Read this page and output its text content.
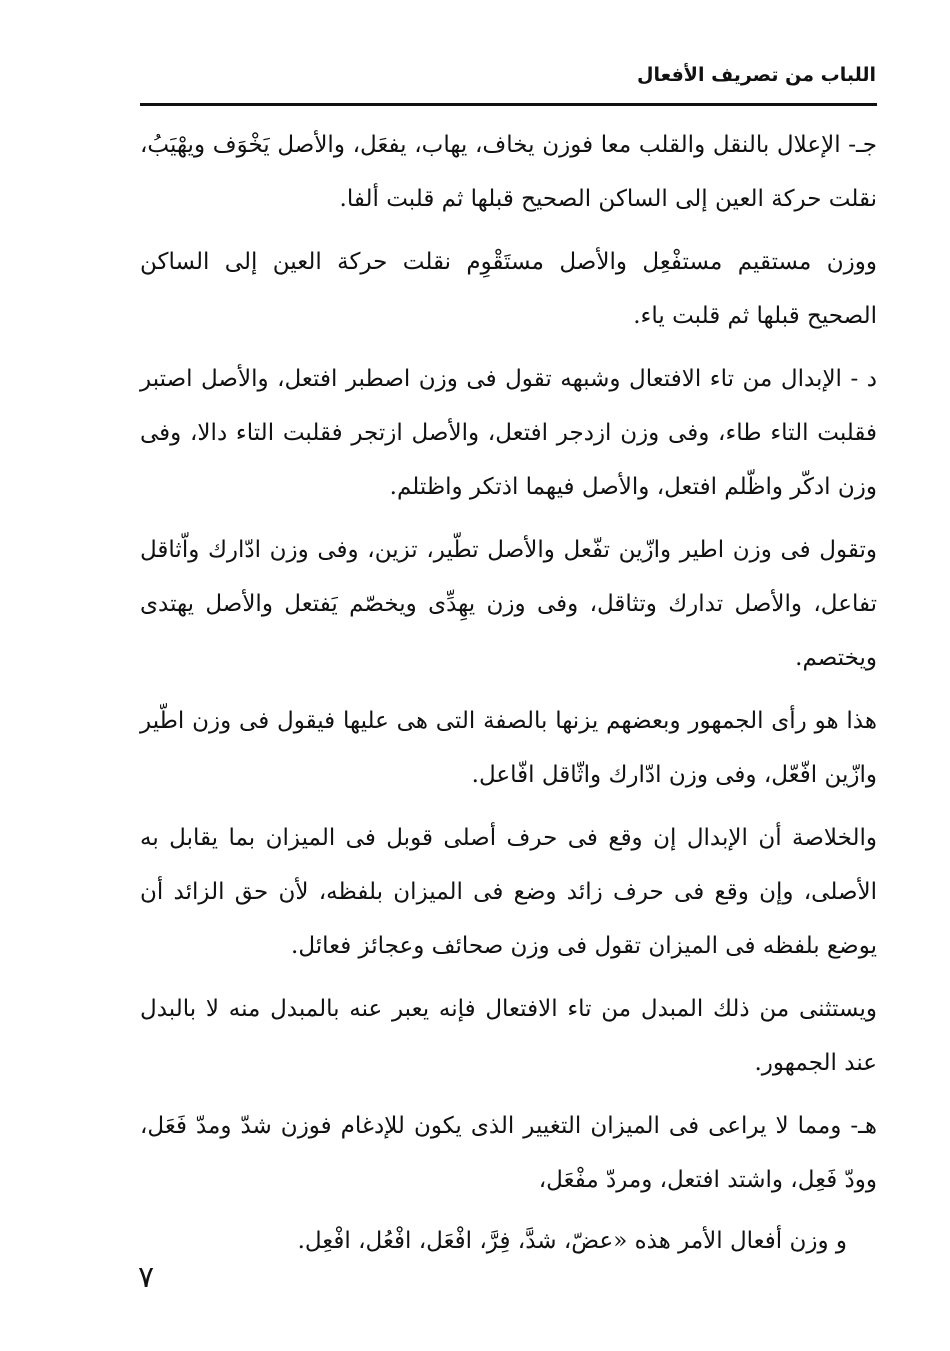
اللباب من تصريف الأفعال

جـ- الإعلال بالنقل والقلب معا فوزن يخاف، يهاب، يفعَل، والأصل يَخْوَف ويهْيَبُ، نقلت حركة العين إلى الساكن الصحيح قبلها ثم قلبت ألفا.

ووزن مستقيم مستفْعِل والأصل مستَقْوِم نقلت حركة العين إلى الساكن الصحيح قبلها ثم قلبت ياء.

د - الإبدال من تاء الافتعال وشبهه تقول فى وزن اصطبر افتعل، والأصل اصتبر فقلبت التاء طاء، وفى وزن ازدجر افتعل، والأصل ازتجر فقلبت التاء دالا، وفى وزن ادكّر واظّلم افتعل، والأصل فيهما اذتكر واظتلم.

وتقول فى وزن اطير وازّين تفّعل والأصل تطّير، تزين، وفى وزن ادّارك واّثاقل تفاعل، والأصل تدارك وتثاقل، وفى وزن يهِدِّى ويخصّم يَفتعل والأصل يهتدى ويختصم.

هذا هو رأى الجمهور وبعضهم يزنها بالصفة التى هى عليها فيقول فى وزن اطّير وازّين افّعّل، وفى وزن ادّارك واثّاقل افّاعل.

والخلاصة أن الإبدال إن وقع فى حرف أصلى قوبل فى الميزان بما يقابل به الأصلى، وإن وقع فى حرف زائد وضع فى الميزان بلفظه، لأن حق الزائد أن يوضع بلفظه فى الميزان تقول فى وزن صحائف وعجائز فعائل.

ويستثنى من ذلك المبدل من تاء الافتعال فإنه يعبر عنه بالمبدل منه لا بالبدل عند الجمهور.

هـ- ومما لا يراعى فى الميزان التغيير الذى يكون للإدغام فوزن شدّ ومدّ فَعَل، وودّ فَعِل، واشتد افتعل، ومردّ مفْعَل،

و وزن أفعال الأمر هذه «عضّ، شدَّ، فِرَّ، افْعَل، افْعُل، افْعِل.

٧
